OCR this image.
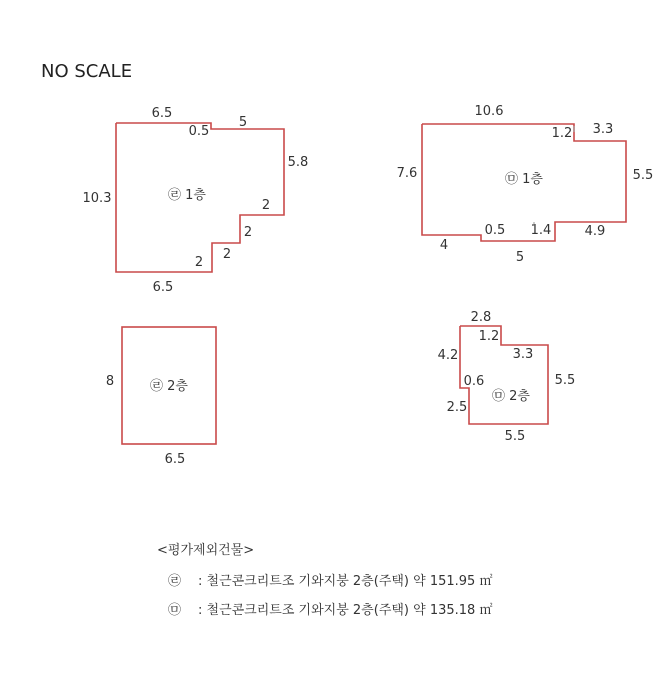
NO SCALE
6.5
0.5
5
5.8
10.3	2
2
2
2
6.5
㉣ 1층
10.6
1.2 3.3
7.6	5.5
4
0.5 1.4
5
4.9
㉤ 1층
8
6.5
㉣ 2층
2.8
1.2
4.2	3.3
5.5
0.6
2.5
5.5
㉤ 2층
<평가제외건물>
㉣ : 철근콘크리트조 기와지붕 2층(주택) 약 151.95 ㎡
㉤ : 철근콘크리트조 기와지붕 2층(주택) 약 135.18 ㎡
